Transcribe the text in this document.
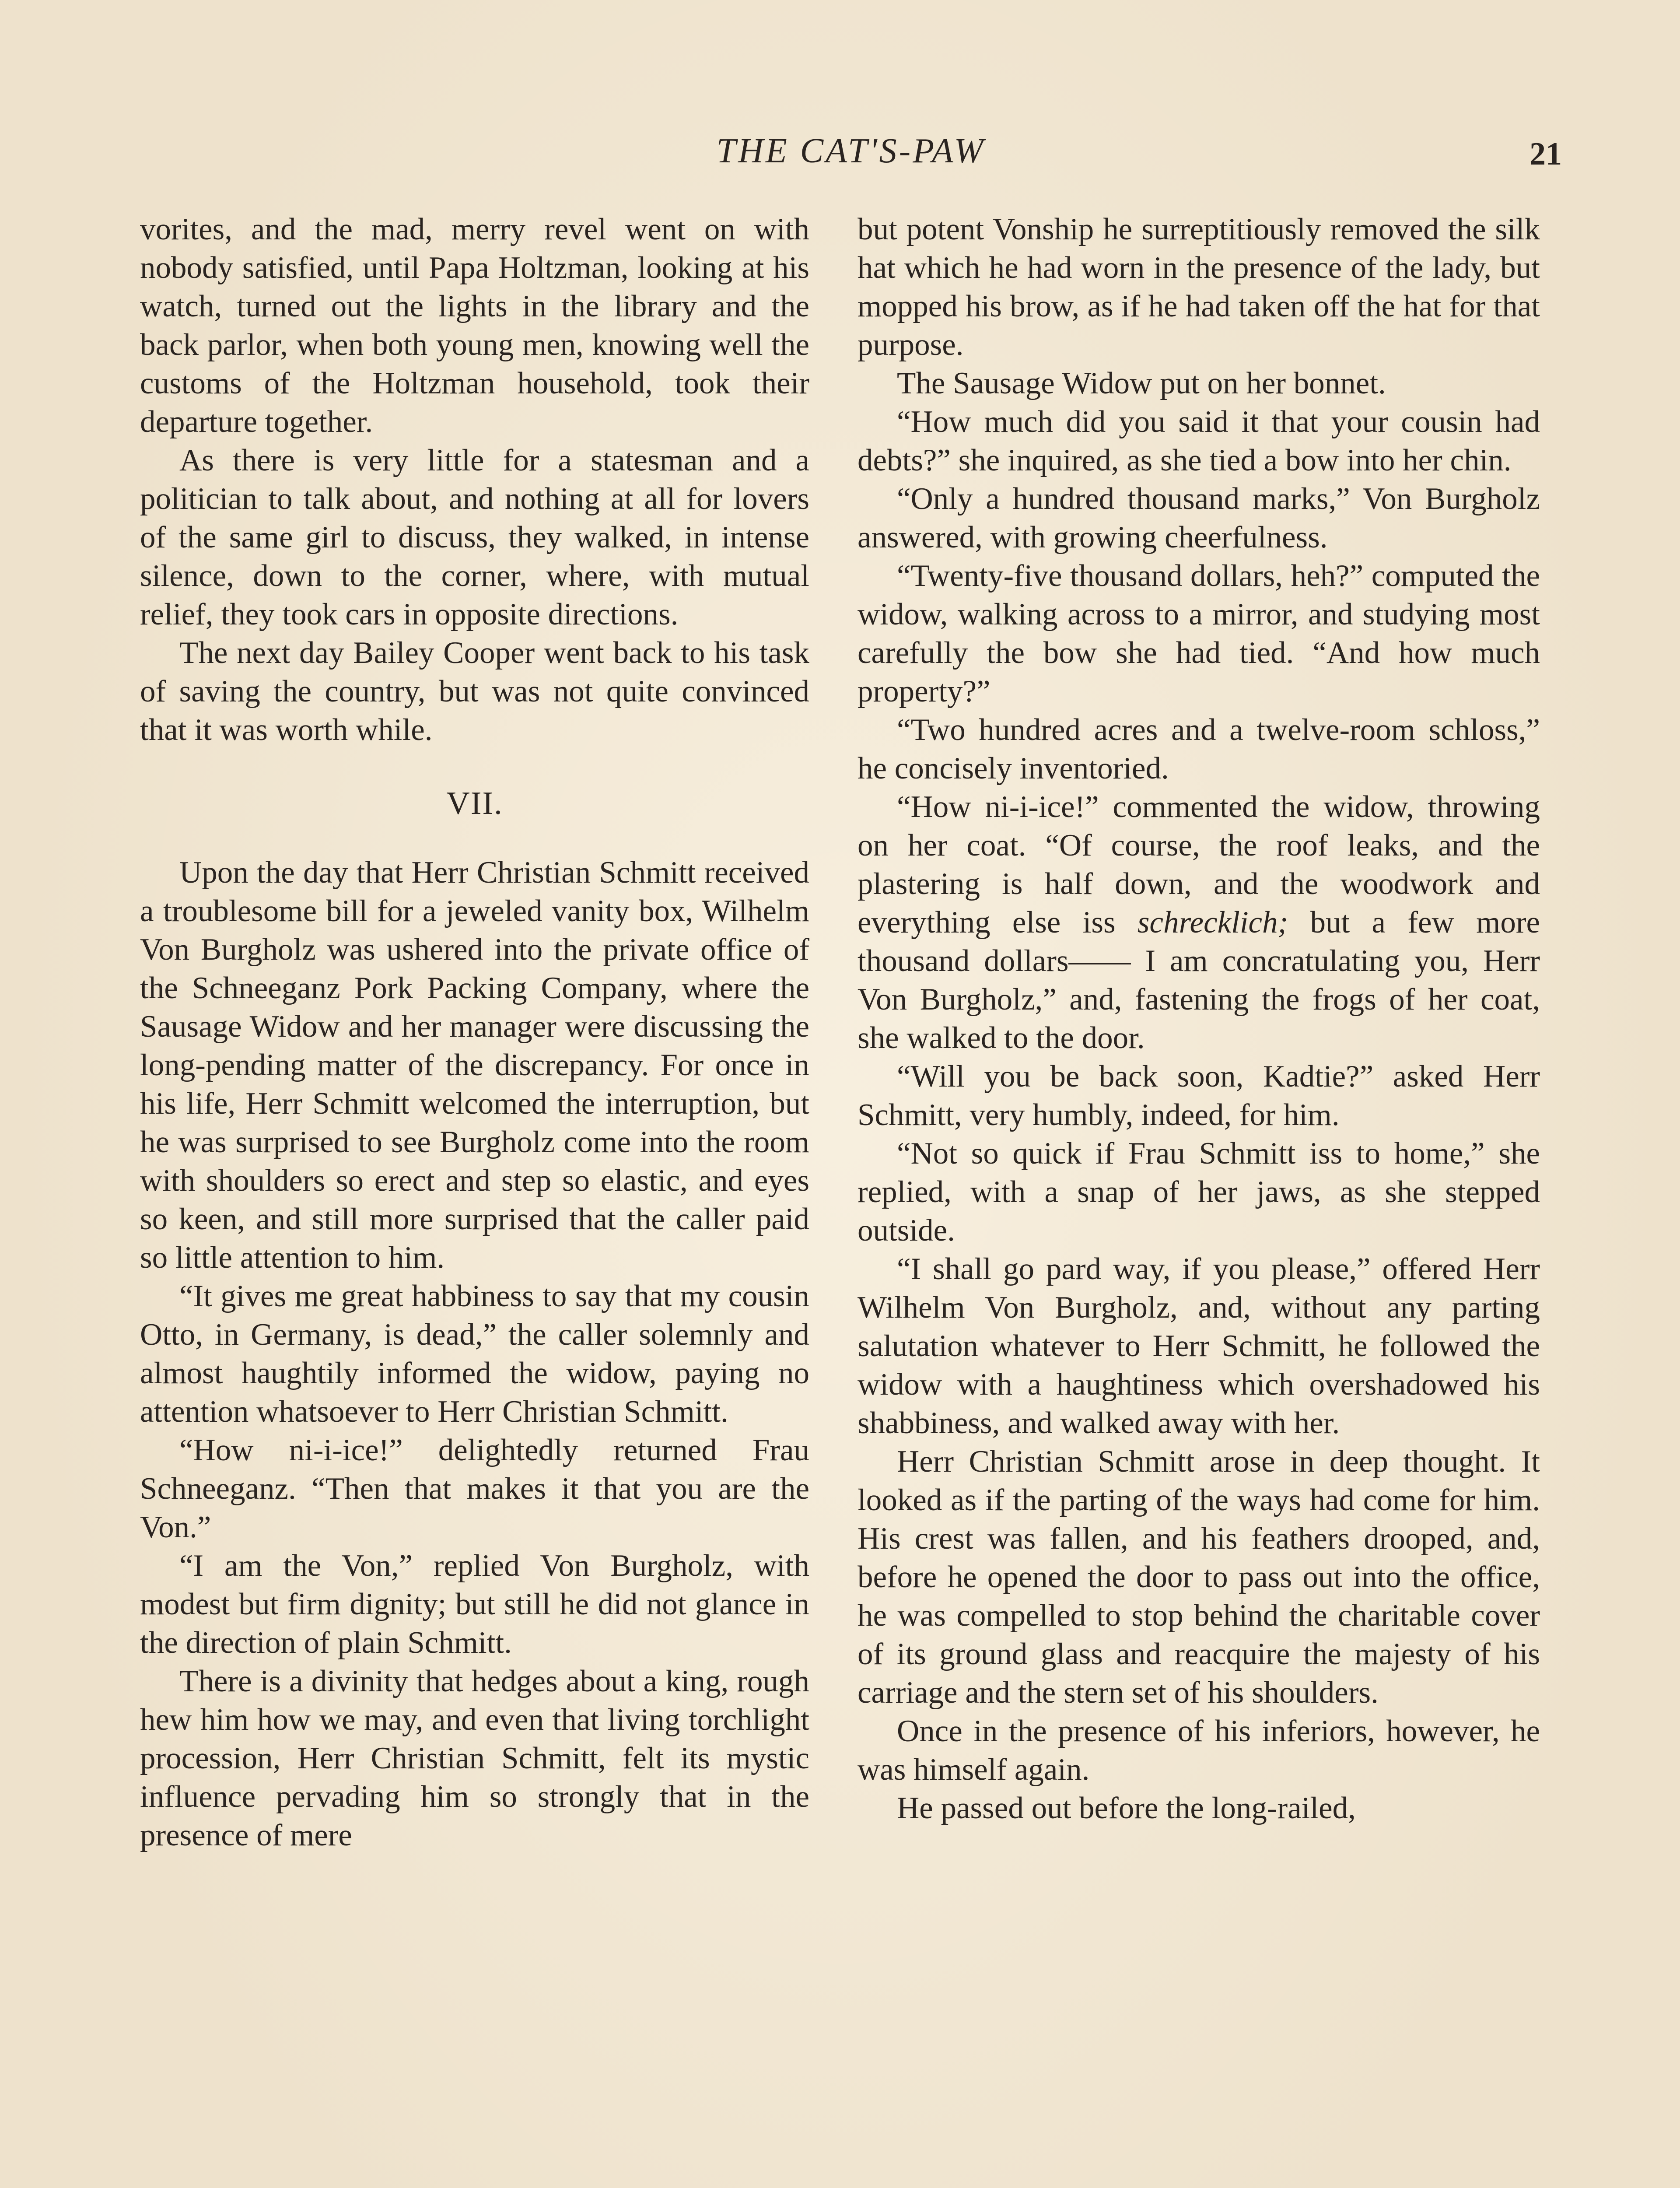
THE CAT'S-PAW	21

vorites, and the mad, merry revel went on with nobody satisfied, until Papa Holtzman, looking at his watch, turned out the lights in the library and the back parlor, when both young men, knowing well the customs of the Holtzman household, took their departure together.

As there is very little for a statesman and a politician to talk about, and nothing at all for lovers of the same girl to discuss, they walked, in intense silence, down to the corner, where, with mutual relief, they took cars in opposite directions.

The next day Bailey Cooper went back to his task of saving the country, but was not quite convinced that it was worth while.

VII.

Upon the day that Herr Christian Schmitt received a troublesome bill for a jeweled vanity box, Wilhelm Von Burgholz was ushered into the private office of the Schneeganz Pork Packing Company, where the Sausage Widow and her manager were discussing the long-pending matter of the discrepancy. For once in his life, Herr Schmitt welcomed the interruption, but he was surprised to see Burgholz come into the room with shoulders so erect and step so elastic, and eyes so keen, and still more surprised that the caller paid so little attention to him.

“It gives me great habbiness to say that my cousin Otto, in Germany, is dead,” the caller solemnly and almost haughtily informed the widow, paying no attention whatsoever to Herr Christian Schmitt.

“How ni-i-ice!” delightedly returned Frau Schneeganz. “Then that makes it that you are the Von.”

“I am the Von,” replied Von Burgholz, with modest but firm dignity; but still he did not glance in the direction of plain Schmitt.

There is a divinity that hedges about a king, rough hew him how we may, and even that living torchlight procession, Herr Christian Schmitt, felt its mystic influence pervading him so strongly that in the presence of mere

but potent Vonship he surreptitiously removed the silk hat which he had worn in the presence of the lady, but mopped his brow, as if he had taken off the hat for that purpose.

The Sausage Widow put on her bonnet.

“How much did you said it that your cousin had debts?” she inquired, as she tied a bow into her chin.

“Only a hundred thousand marks,” Von Burgholz answered, with growing cheerfulness.

“Twenty-five thousand dollars, heh?” computed the widow, walking across to a mirror, and studying most carefully the bow she had tied. “And how much property?”

“Two hundred acres and a twelve-room schloss,” he concisely inventoried.

“How ni-i-ice!” commented the widow, throwing on her coat. “Of course, the roof leaks, and the plastering is half down, and the woodwork and everything else iss schrecklich; but a few more thousand dollars—— I am concratulating you, Herr Von Burgholz,” and, fastening the frogs of her coat, she walked to the door.

“Will you be back soon, Kadtie?” asked Herr Schmitt, very humbly, indeed, for him.

“Not so quick if Frau Schmitt iss to home,” she replied, with a snap of her jaws, as she stepped outside.

“I shall go pard way, if you please,” offered Herr Wilhelm Von Burgholz, and, without any parting salutation whatever to Herr Schmitt, he followed the widow with a haughtiness which overshadowed his shabbiness, and walked away with her.

Herr Christian Schmitt arose in deep thought. It looked as if the parting of the ways had come for him. His crest was fallen, and his feathers drooped, and, before he opened the door to pass out into the office, he was compelled to stop behind the charitable cover of its ground glass and reacquire the majesty of his carriage and the stern set of his shoulders.

Once in the presence of his inferiors, however, he was himself again.

He passed out before the long-railed,
